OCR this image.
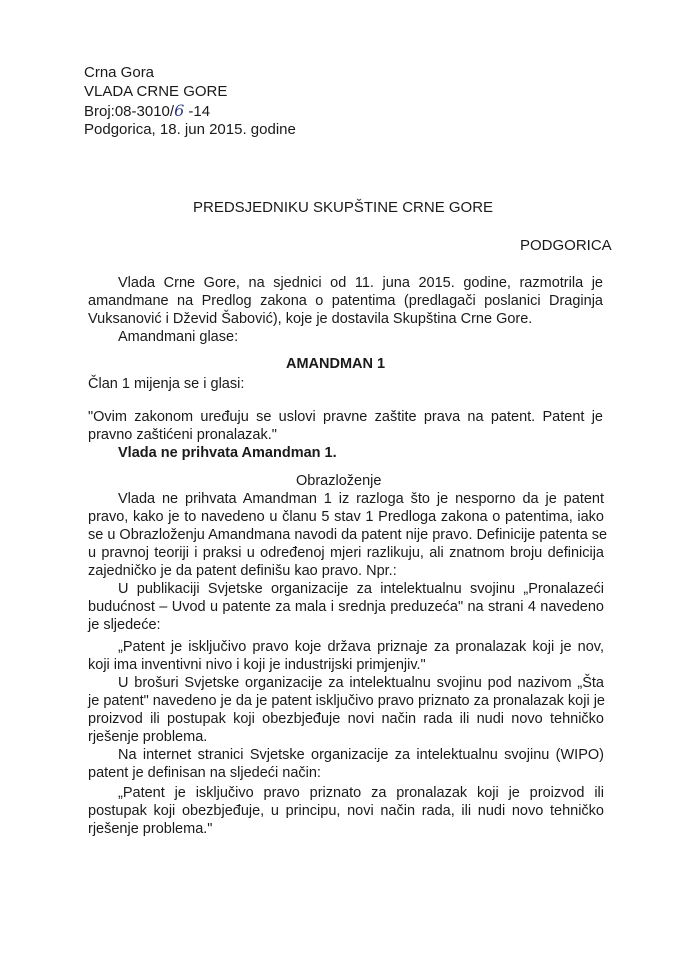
Crna Gora
VLADA CRNE GORE
Broj:08-3010/6 -14
Podgorica, 18. jun 2015. godine
PREDSJEDNIKU SKUPŠTINE CRNE GORE
PODGORICA
Vlada Crne Gore, na sjednici od 11. juna 2015. godine, razmotrila je
amandmane na Predlog zakona o patentima (predlagači poslanici Draginja
Vuksanović i Dževid Šabović), koje je dostavila Skupština Crne Gore.
Amandmani glase:
AMANDMAN 1
Član 1 mijenja se i glasi:
"Ovim zakonom uređuju se uslovi pravne zaštite prava na patent. Patent je
pravno zaštićeni pronalazak."
Vlada ne prihvata Amandman 1.
Obrazloženje
Vlada ne prihvata Amandman 1 iz razloga što je nesporno da je patent
pravo, kako je to navedeno u članu 5 stav 1 Predloga zakona o patentima, iako
se u Obrazloženju Amandmana navodi da patent nije pravo. Definicije patenta se
u pravnoj teoriji i praksi u određenoj mjeri razlikuju, ali znatnom broju definicija
zajedničko je da patent definišu kao pravo. Npr.:
U publikaciji Svjetske organizacije za intelektualnu svojinu „Pronalazeći
budućnost – Uvod u patente za mala i srednja preduzeća" na strani 4 navedeno
je sljedeće:
„Patent je isključivo pravo koje država priznaje za pronalazak koji je nov,
koji ima inventivni nivo i koji je industrijski primjenjiv."
U brošuri Svjetske organizacije za intelektualnu svojinu pod nazivom „Šta
je patent" navedeno je da je patent isključivo pravo priznato za pronalazak koji je
proizvod ili postupak koji obezbjeđuje novi način rada ili nudi novo tehničko
rješenje problema.
Na internet stranici Svjetske organizacije za intelektualnu svojinu (WIPO)
patent je definisan na sljedeći način:
„Patent je isključivo pravo priznato za pronalazak koji je proizvod ili
postupak koji obezbjeđuje, u principu, novi način rada, ili nudi novo tehničko
rješenje problema."
